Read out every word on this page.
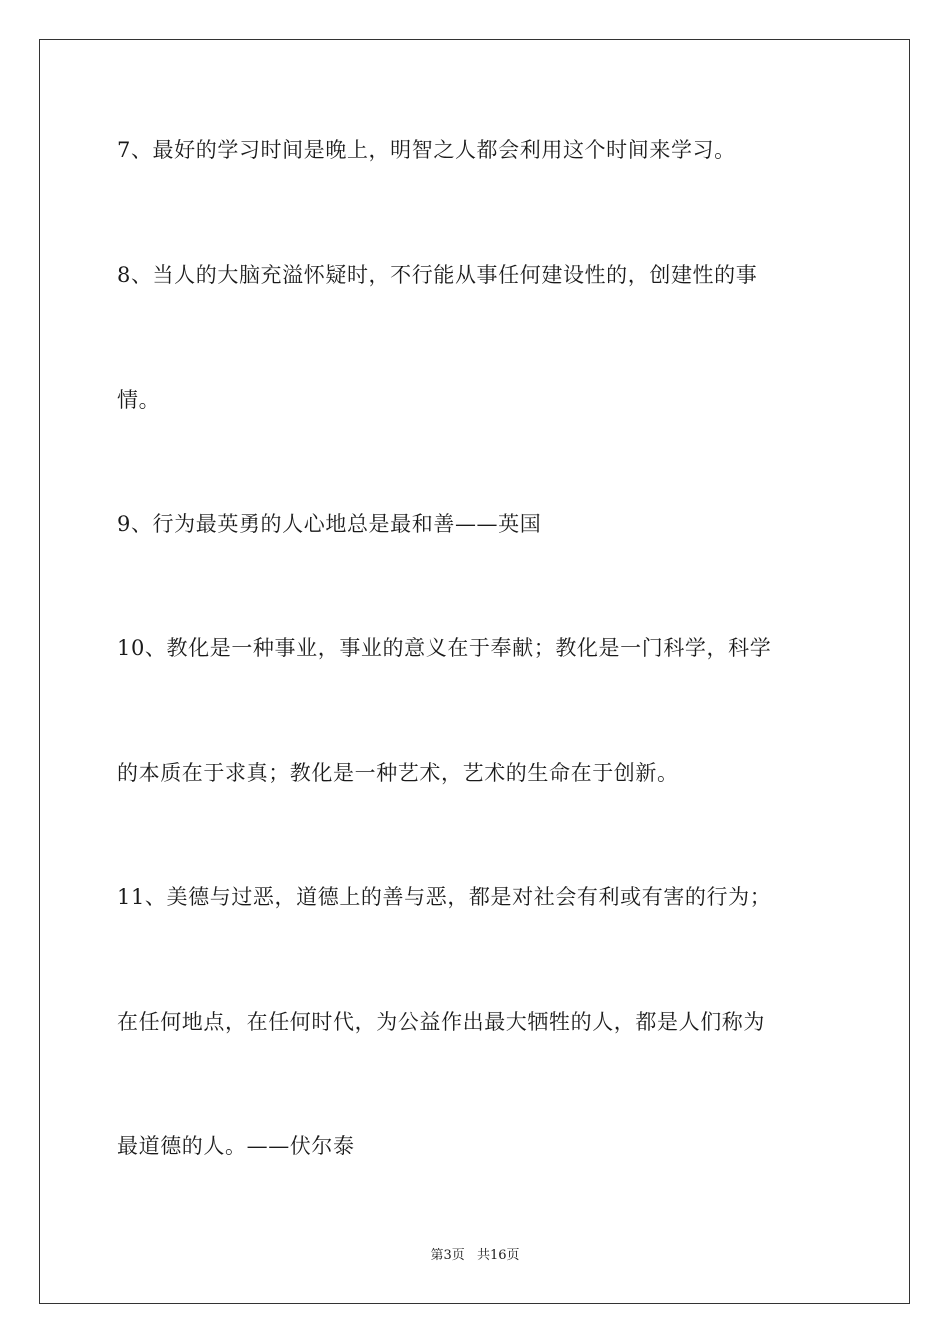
7、最好的学习时间是晚上，明智之人都会利用这个时间来学习。
8、当人的大脑充溢怀疑时，不行能从事任何建设性的，创建性的事
情。
9、行为最英勇的人心地总是最和善——英国
10、教化是一种事业，事业的意义在于奉献；教化是一门科学，科学
的本质在于求真；教化是一种艺术，艺术的生命在于创新。
11、美德与过恶，道德上的善与恶，都是对社会有利或有害的行为；
在任何地点，在任何时代，为公益作出最大牺牲的人，都是人们称为
最道德的人。——伏尔泰
第3页 共16页
